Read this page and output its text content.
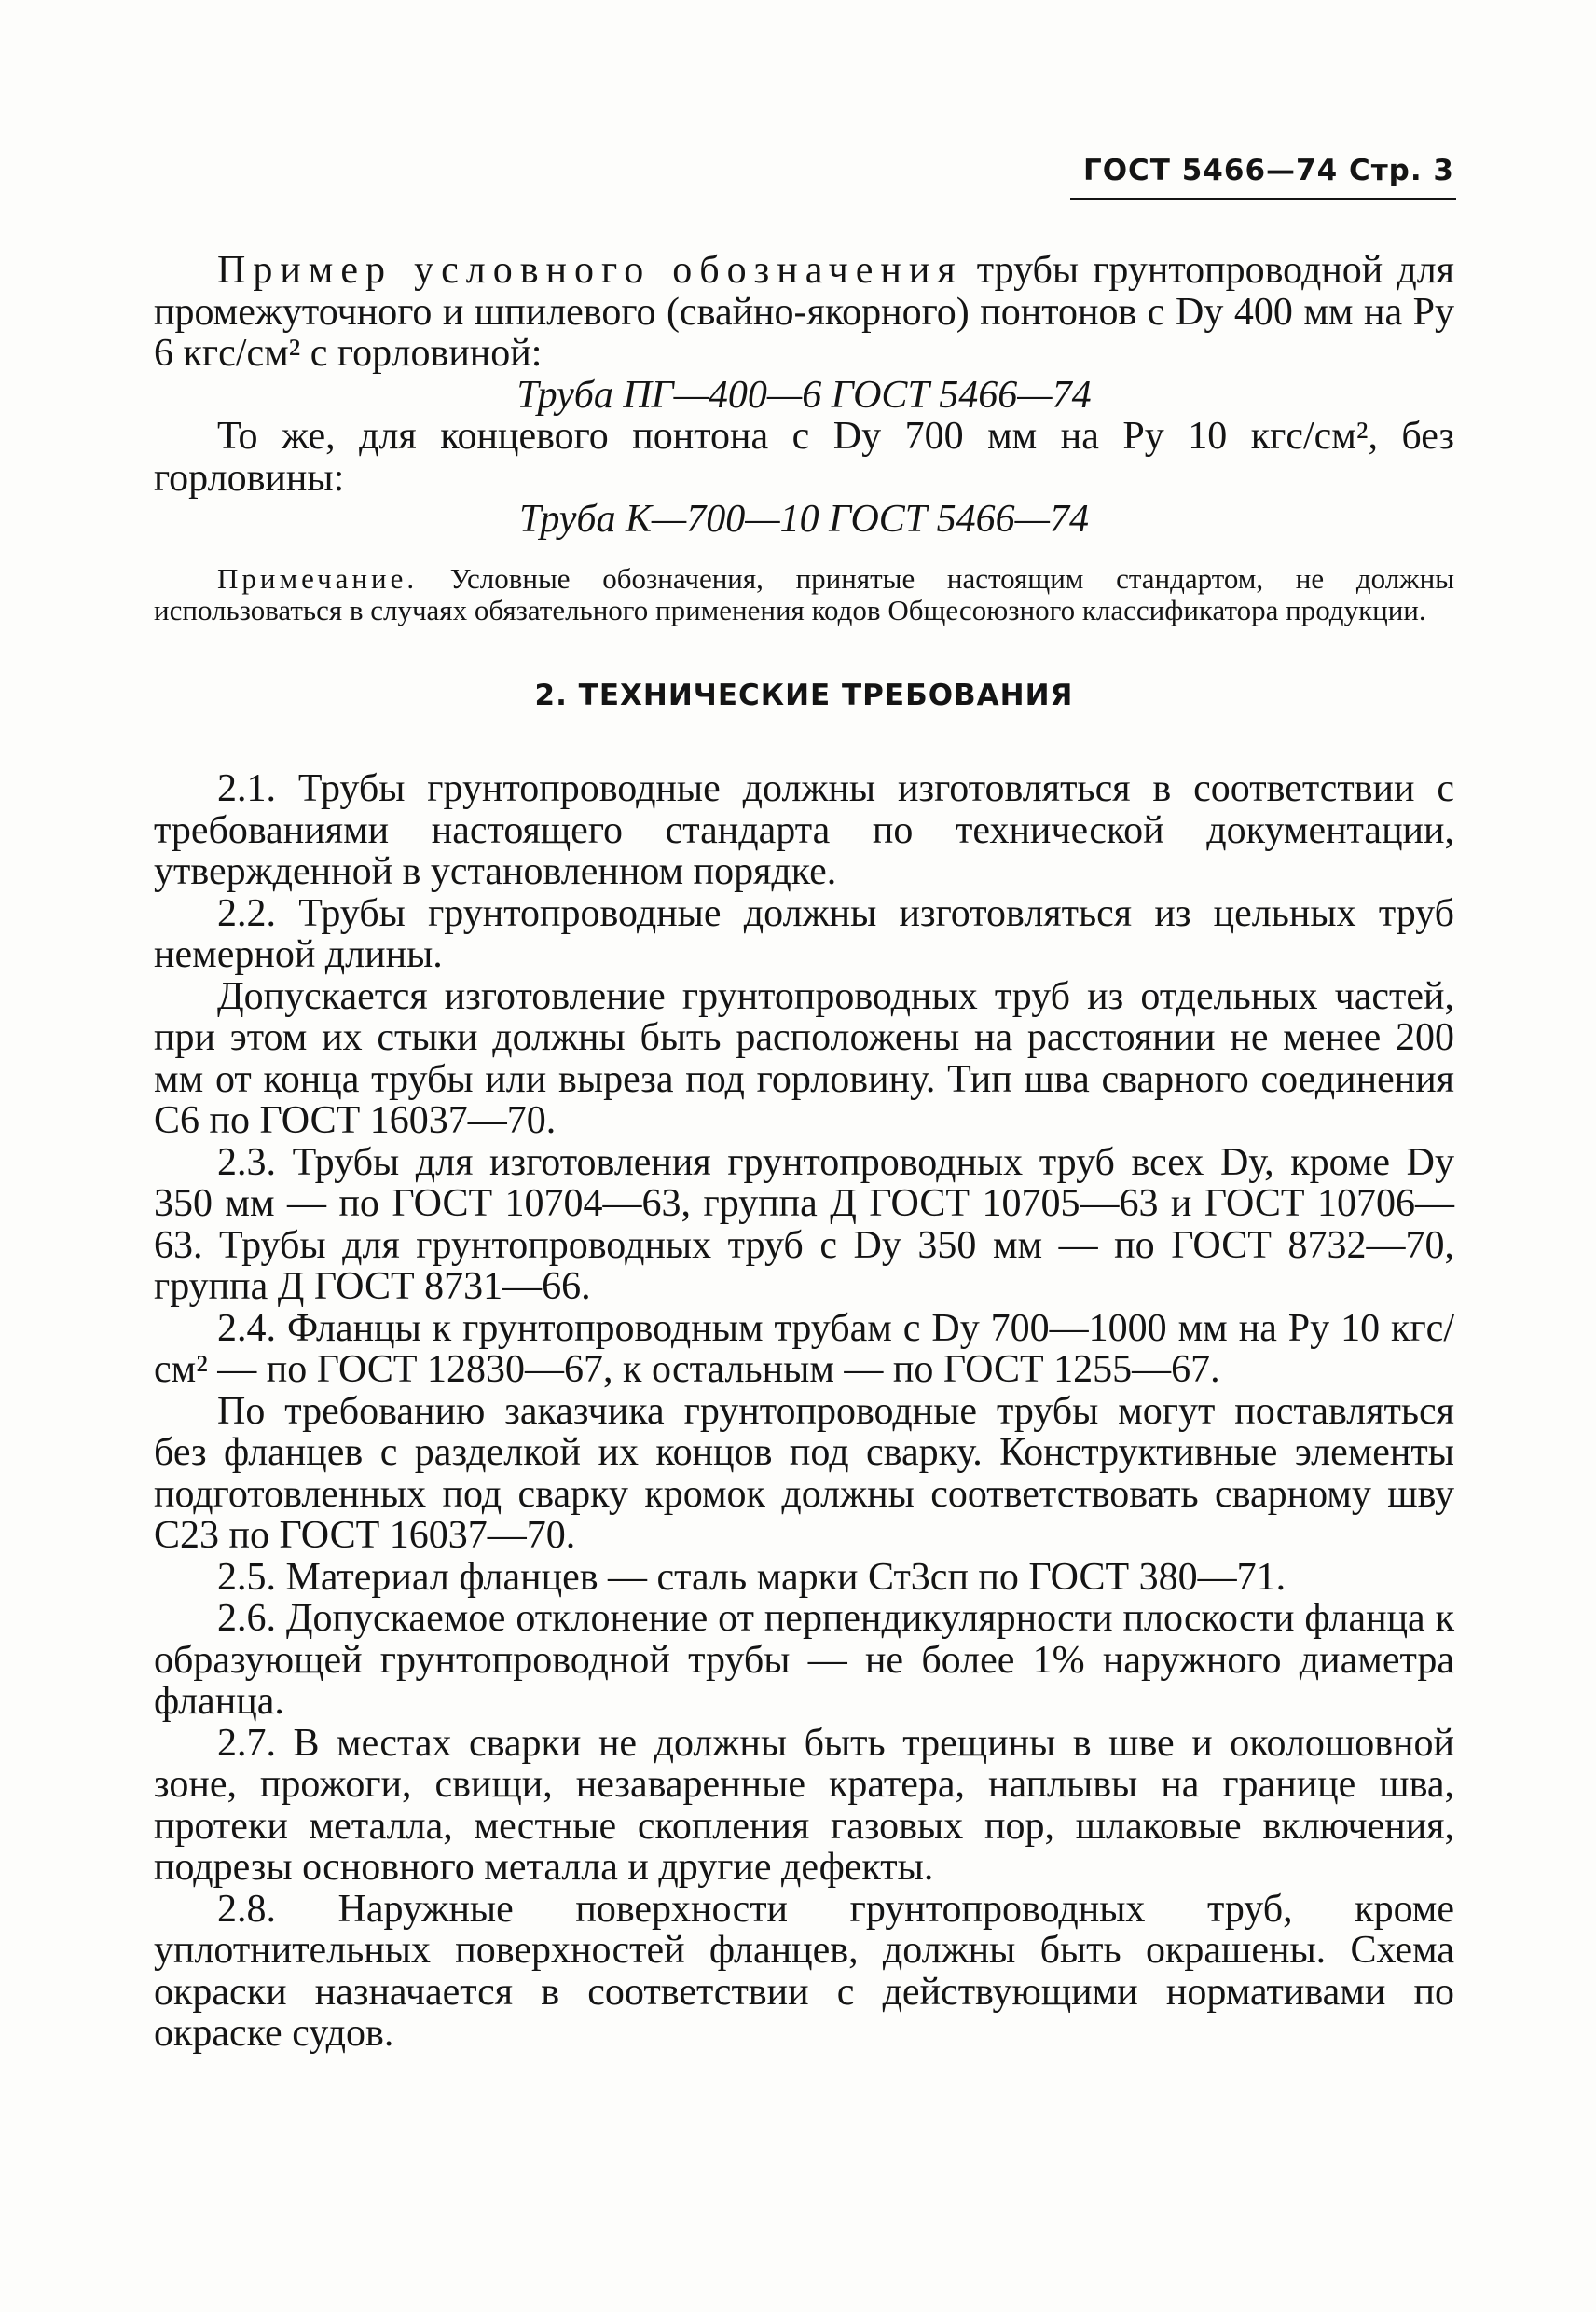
ГОСТ 5466—74 Стр. 3

Пример условного обозначения трубы грунтопроводной для промежуточного и шпилевого (свайно-якорного) понтонов с Dу 400 мм на Pу 6 кгс/см² с горловиной:

Труба ПГ—400—6 ГОСТ 5466—74

То же, для концевого понтона с Dу 700 мм на Pу 10 кгс/см², без горловины:

Труба К—700—10 ГОСТ 5466—74

Примечание. Условные обозначения, принятые настоящим стандартом, не должны использоваться в случаях обязательного применения кодов Общесоюзного классификатора продукции.

2. ТЕХНИЧЕСКИЕ ТРЕБОВАНИЯ

2.1. Трубы грунтопроводные должны изготовляться в соответствии с требованиями настоящего стандарта по технической документации, утвержденной в установленном порядке.

2.2. Трубы грунтопроводные должны изготовляться из цельных труб немерной длины.

Допускается изготовление грунтопроводных труб из отдельных частей, при этом их стыки должны быть расположены на расстоянии не менее 200 мм от конца трубы или выреза под горловину. Тип шва сварного соединения С6 по ГОСТ 16037—70.

2.3. Трубы для изготовления грунтопроводных труб всех Dу, кроме Dу 350 мм — по ГОСТ 10704—63, группа Д ГОСТ 10705—63 и ГОСТ 10706—63. Трубы для грунтопроводных труб с Dу 350 мм — по ГОСТ 8732—70, группа Д ГОСТ 8731—66.

2.4. Фланцы к грунтопроводным трубам с Dу 700—1000 мм на Pу 10 кгс/см² — по ГОСТ 12830—67, к остальным — по ГОСТ 1255—67.

По требованию заказчика грунтопроводные трубы могут поставляться без фланцев с разделкой их концов под сварку. Конструктивные элементы подготовленных под сварку кромок должны соответствовать сварному шву С23 по ГОСТ 16037—70.

2.5. Материал фланцев — сталь марки Ст3сп по ГОСТ 380—71.

2.6. Допускаемое отклонение от перпендикулярности плоскости фланца к образующей грунтопроводной трубы — не более 1% наружного диаметра фланца.

2.7. В местах сварки не должны быть трещины в шве и околошовной зоне, прожоги, свищи, незаваренные кратера, наплывы на границе шва, протеки металла, местные скопления газовых пор, шлаковые включения, подрезы основного металла и другие дефекты.

2.8. Наружные поверхности грунтопроводных труб, кроме уплотнительных поверхностей фланцев, должны быть окрашены. Схема окраски назначается в соответствии с действующими нормативами по окраске судов.
